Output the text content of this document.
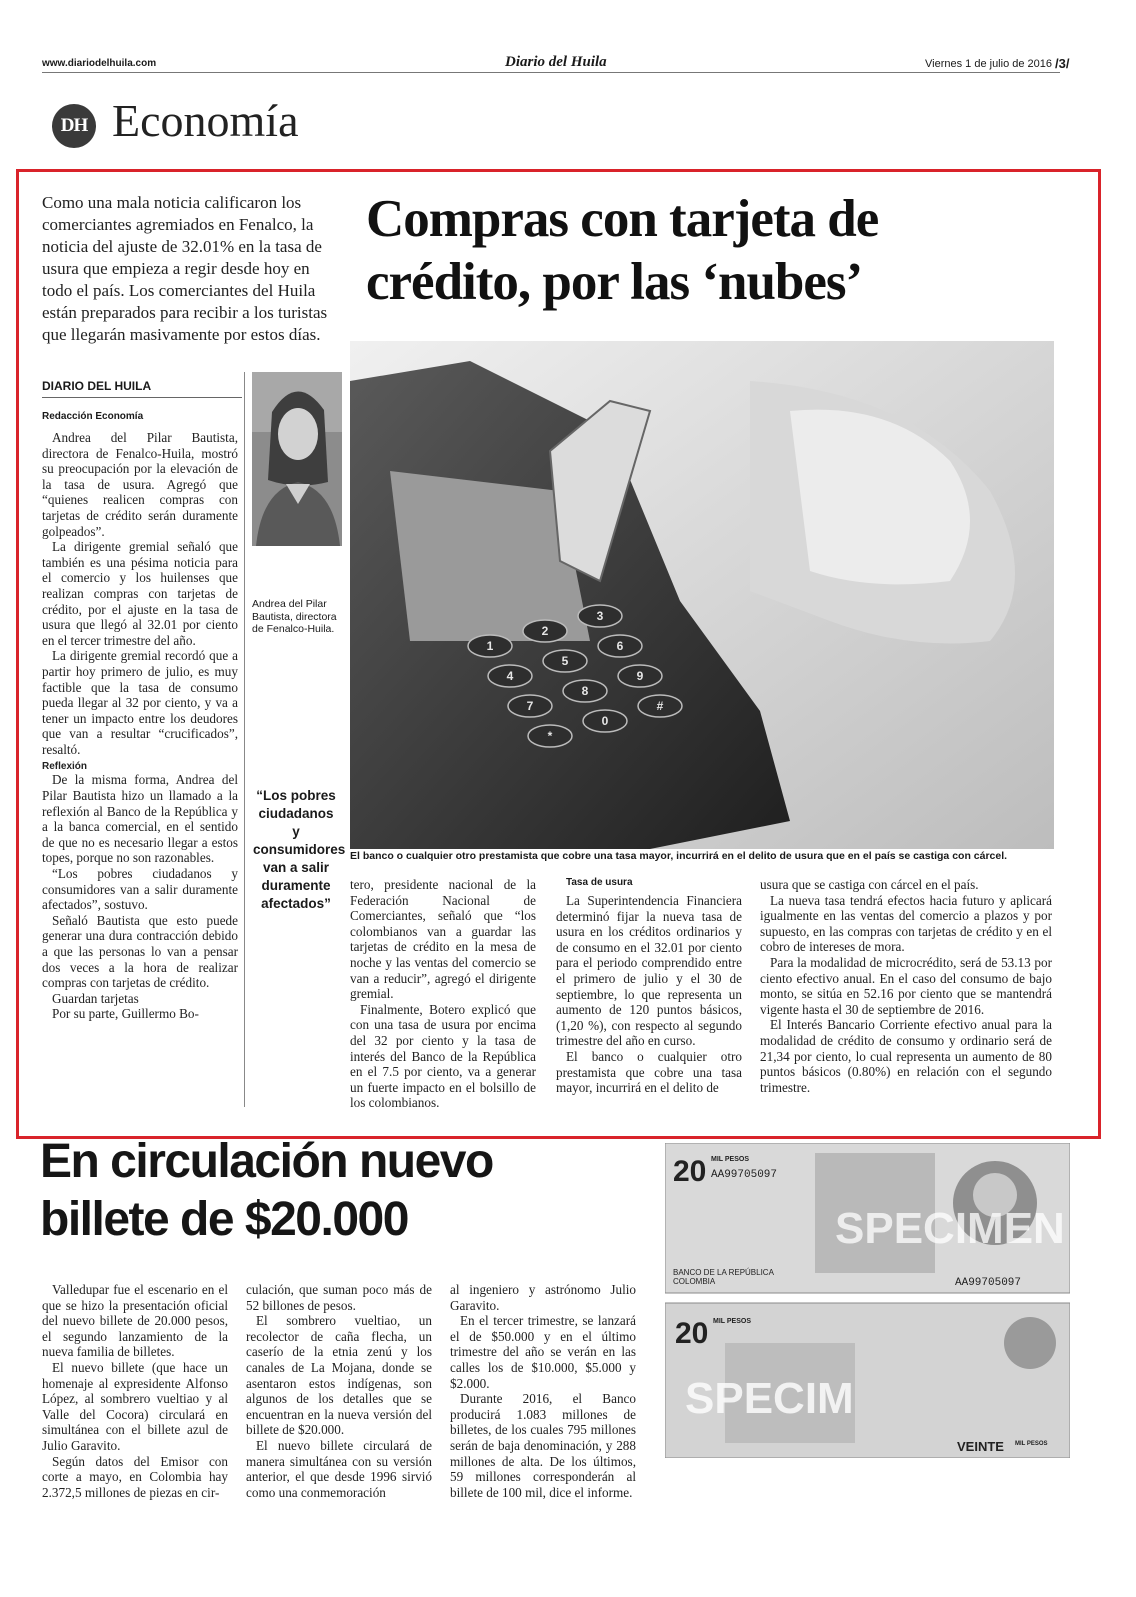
www.diariodelhuila.com	Diario del Huila	Viernes 1 de julio de 2016 /3/
DH Economía
Como una mala noticia calificaron los comerciantes agremiados en Fenalco, la noticia del ajuste de 32.01% en la tasa de usura que empieza a regir desde hoy en todo el país. Los comerciantes del Huila están preparados para recibir a los turistas que llegarán masivamente por estos días.
Compras con tarjeta de
crédito, por las ‘nubes’
DIARIO DEL HUILA
Redacción Economía

Andrea del Pilar Bautista, directora de Fenalco-Huila, mostró su preocupación por la elevación de la tasa de usura. Agregó que “quienes realicen compras con tarjetas de crédito serán duramente golpeados”.

La dirigente gremial señaló que también es una pésima noticia para el comercio y los huilenses que realizan compras con tarjetas de crédito, por el ajuste en la tasa de usura que llegó al 32.01 por ciento en el tercer trimestre del año.

La dirigente gremial recordó que a partir hoy primero de julio, es muy factible que la tasa de consumo pueda llegar al 32 por ciento, y va a tener un impacto entre los deudores que van a resultar “crucificados”, resaltó.

Reflexión

De la misma forma, Andrea del Pilar Bautista hizo un llamado a la reflexión al Banco de la República y a la banca comercial, en el sentido de que no es necesario llegar a estos topes, porque no son razonables.

“Los pobres ciudadanos y consumidores van a salir duramente afectados”, sostuvo.

Señaló Bautista que esto puede generar una dura contracción debido a que las personas lo van a pensar dos veces a la hora de realizar compras con tarjetas de crédito.

Guardan tarjetas

Por su parte, Guillermo Bo-

Andrea del Pilar Bautista, directora de Fenalco-Huila.
“Los pobres ciudadanos y consumidores van a salir duramente afectados”
1
2
3
4
5
6
7
8
9
*
0
#
El banco o cualquier otro prestamista que cobre una tasa mayor, incurrirá en el delito de usura que en el país se castiga con cárcel.

tero, presidente nacional de la Federación Nacional de Comerciantes, señaló que “los colombianos van a guardar las tarjetas de crédito en la mesa de noche y las ventas del comercio se van a reducir”, agregó el dirigente gremial.

Finalmente, Botero explicó que con una tasa de usura por encima del 32 por ciento y la tasa de interés del Banco de la República en el 7.5 por ciento, va a generar un fuerte impacto en el bolsillo de los colombianos.

Tasa de usura

La Superintendencia Financiera determinó fijar la nueva tasa de usura en los créditos ordinarios y de consumo en el 32.01 por ciento para el periodo comprendido entre el primero de julio y el 30 de septiembre, lo que representa un aumento de 120 puntos básicos, (1,20 %), con respecto al segundo trimestre del año en curso.

El banco o cualquier otro prestamista que cobre una tasa mayor, incurrirá en el delito de

usura que se castiga con cárcel en el país.

La nueva tasa tendrá efectos hacia futuro y aplicará igualmente en las ventas del comercio a plazos y por supuesto, en las compras con tarjetas de crédito y en el cobro de intereses de mora.

Para la modalidad de microcrédito, será de 53.13 por ciento efectivo anual. En el caso del consumo de bajo monto, se sitúa en 52.16 por ciento que se mantendrá vigente hasta el 30 de septiembre de 2016.

El Interés Bancario Corriente efectivo anual para la modalidad de crédito de consumo y ordinario será de 21,34 por ciento, lo cual representa un aumento de 80 puntos básicos (0.80%) en relación con el segundo trimestre.

En circulación nuevo
billete de $20.000

Valledupar fue el escenario en el que se hizo la presentación oficial del nuevo billete de 20.000 pesos, el segundo lanzamiento de la nueva familia de billetes.

El nuevo billete (que hace un homenaje al expresidente Alfonso López, al sombrero vueltiao y al Valle del Cocora) circulará en simultánea con el billete azul de Julio Garavito.

Según datos del Emisor con corte a mayo, en Colombia hay 2.372,5 millones de piezas en cir-

culación, que suman poco más de 52 billones de pesos.

El sombrero vueltiao, un recolector de caña flecha, un caserío de la etnia zenú y los canales de La Mojana, donde se asentaron estos indígenas, son algunos de los detalles que se encuentran en la nueva versión del billete de $20.000.

El nuevo billete circulará de manera simultánea con su versión anterior, el que desde 1996 sirvió como una conmemoración

al ingeniero y astrónomo Julio Garavito.

En el tercer trimestre, se lanzará el de $50.000 y en el último trimestre del año se verán en las calles los de $10.000, $5.000 y $2.000.

Durante 2016, el Banco producirá 1.083 millones de billetes, de los cuales 795 millones serán de baja denominación, y 288 millones de alta. De los últimos, 59 millones corresponderán al billete de 100 mil, dice el informe.

20 MIL PESOS
AA99705097
AA99705097
BANCO DE LA REPÚBLICA
COLOMBIA
SPECIMEN
20 MIL PESOS
SPECIM
VEINTE MIL PESOS
